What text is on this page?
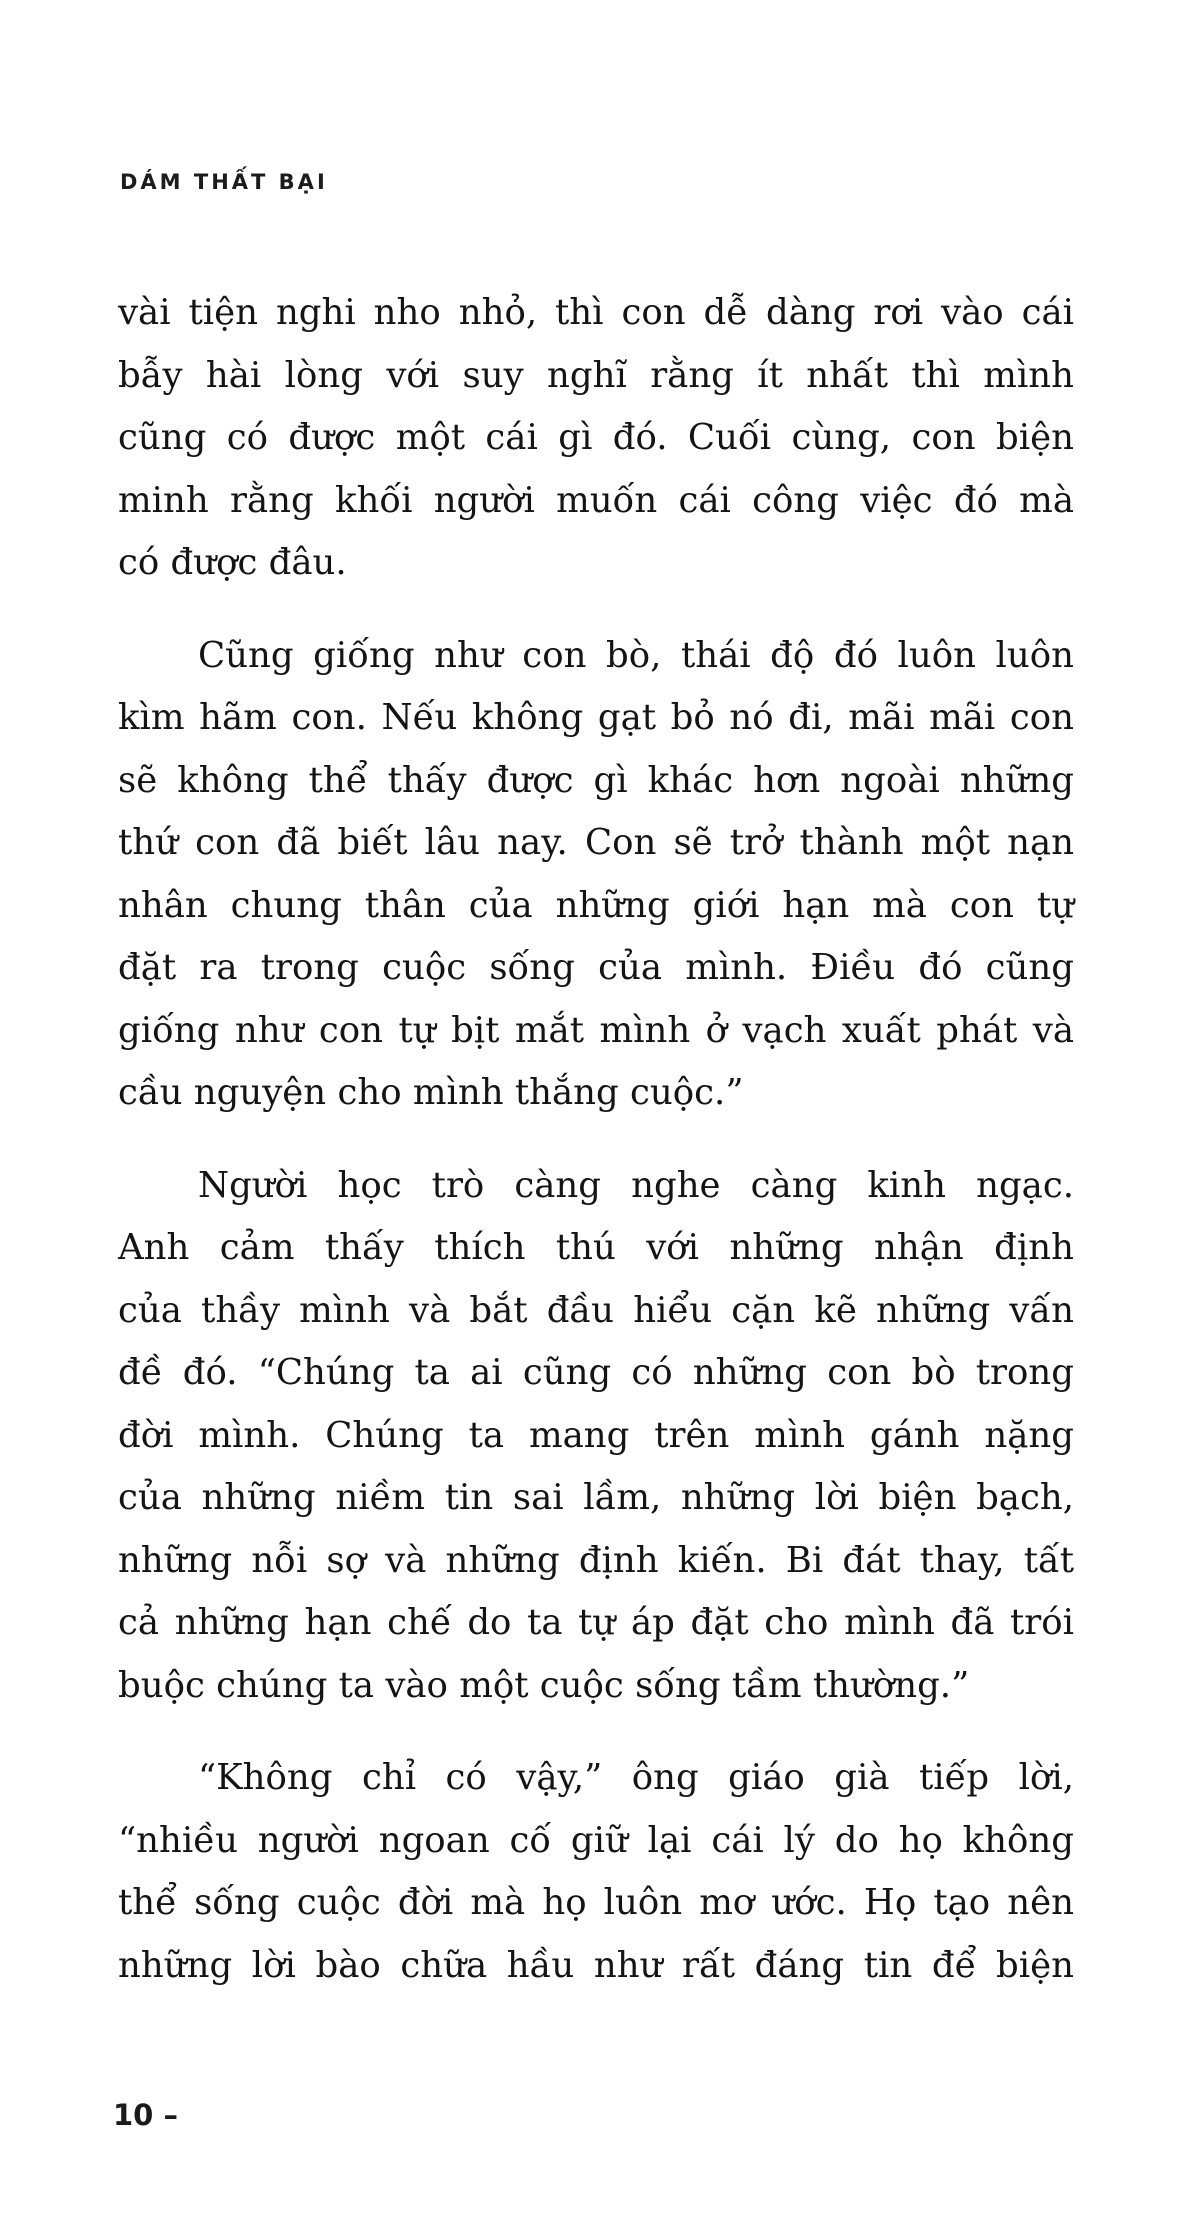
DÁM THẤT BẠI

vài tiện nghi nho nhỏ, thì con dễ dàng rơi vào cái
bẫy hài lòng với suy nghĩ rằng ít nhất thì mình
cũng có được một cái gì đó. Cuối cùng, con biện
minh rằng khối người muốn cái công việc đó mà
có được đâu.

Cũng giống như con bò, thái độ đó luôn luôn
kìm hãm con. Nếu không gạt bỏ nó đi, mãi mãi con
sẽ không thể thấy được gì khác hơn ngoài những
thứ con đã biết lâu nay. Con sẽ trở thành một nạn
nhân chung thân của những giới hạn mà con tự
đặt ra trong cuộc sống của mình. Điều đó cũng
giống như con tự bịt mắt mình ở vạch xuất phát và
cầu nguyện cho mình thắng cuộc.”

Người học trò càng nghe càng kinh ngạc.
Anh cảm thấy thích thú với những nhận định
của thầy mình và bắt đầu hiểu cặn kẽ những vấn
đề đó. “Chúng ta ai cũng có những con bò trong
đời mình. Chúng ta mang trên mình gánh nặng
của những niềm tin sai lầm, những lời biện bạch,
những nỗi sợ và những định kiến. Bi đát thay, tất
cả những hạn chế do ta tự áp đặt cho mình đã trói
buộc chúng ta vào một cuộc sống tầm thường.”

“Không chỉ có vậy,” ông giáo già tiếp lời,
“nhiều người ngoan cố giữ lại cái lý do họ không
thể sống cuộc đời mà họ luôn mơ ước. Họ tạo nên
những lời bào chữa hầu như rất đáng tin để biện

10 –
